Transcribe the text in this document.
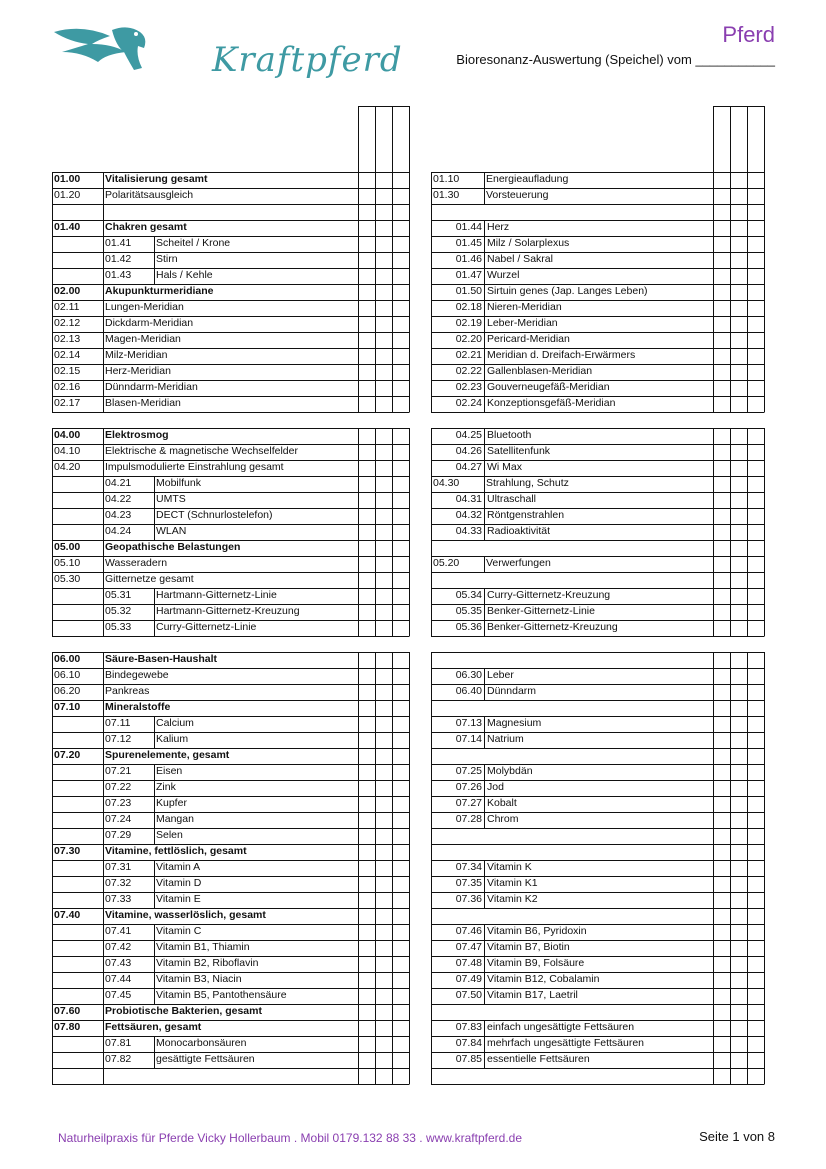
Kraftpferd
Pferd
Bioresonanz-Auswertung (Speichel) vom ___________
01.00	Vitalisierung gesamt
01.20	Polaritätsausgleich
01.40	Chakren gesamt
01.41	Scheitel / Krone
01.42	Stirn
01.43	Hals / Kehle
02.00	Akupunkturmeridiane
02.11	Lungen-Meridian
02.12	Dickdarm-Meridian
02.13	Magen-Meridian
02.14	Milz-Meridian
02.15	Herz-Meridian
02.16	Dünndarm-Meridian
02.17	Blasen-Meridian
04.00	Elektrosmog
04.10	Elektrische & magnetische Wechselfelder
04.20	Impulsmodulierte Einstrahlung gesamt
04.21	Mobilfunk
04.22	UMTS
04.23	DECT (Schnurlostelefon)
04.24	WLAN
05.00	Geopathische Belastungen
05.10	Wasseradern
05.30	Gitternetze gesamt
05.31	Hartmann-Gitternetz-Linie
05.32	Hartmann-Gitternetz-Kreuzung
05.33	Curry-Gitternetz-Linie
06.00	Säure-Basen-Haushalt
06.10	Bindegewebe
06.20	Pankreas
07.10	Mineralstoffe
07.11	Calcium
07.12	Kalium
07.20	Spurenelemente, gesamt
07.21	Eisen
07.22	Zink
07.23	Kupfer
07.24	Mangan
07.29	Selen
07.30	Vitamine, fettlöslich, gesamt
07.31	Vitamin A
07.32	Vitamin D
07.33	Vitamin E
07.40	Vitamine, wasserlöslich, gesamt
07.41	Vitamin C
07.42	Vitamin B1, Thiamin
07.43	Vitamin B2, Riboflavin
07.44	Vitamin B3, Niacin
07.45	Vitamin B5, Pantothensäure
07.60	Probiotische Bakterien, gesamt
07.80	Fettsäuren, gesamt
07.81	Monocarbonsäuren
07.82	gesättigte Fettsäuren
01.10	Energieaufladung
01.30	Vorsteuerung
01.44 Herz
01.45 Milz / Solarplexus
01.46 Nabel / Sakral
01.47 Wurzel
01.50 Sirtuin genes (Jap. Langes Leben)
02.18 Nieren-Meridian
02.19 Leber-Meridian
02.20 Pericard-Meridian
02.21 Meridian d. Dreifach-Erwärmers
02.22 Gallenblasen-Meridian
02.23 Gouverneugefäß-Meridian
02.24 Konzeptionsgefäß-Meridian
04.25 Bluetooth
04.26 Satellitenfunk
04.27 Wi Max
04.30	Strahlung, Schutz
04.31 Ultraschall
04.32 Röntgenstrahlen
04.33 Radioaktivität
05.20	Verwerfungen
05.34 Curry-Gitternetz-Kreuzung
05.35 Benker-Gitternetz-Linie
05.36 Benker-Gitternetz-Kreuzung
06.30 Leber
06.40 Dünndarm
07.13 Magnesium
07.14 Natrium
07.25 Molybdän
07.26 Jod
07.27 Kobalt
07.28 Chrom
07.34 Vitamin K
07.35 Vitamin K1
07.36 Vitamin K2
07.46 Vitamin B6, Pyridoxin
07.47 Vitamin B7, Biotin
07.48 Vitamin B9, Folsäure
07.49 Vitamin B12, Cobalamin
07.50 Vitamin B17, Laetril
07.83 einfach ungesättigte Fettsäuren
07.84 mehrfach ungesättigte Fettsäuren
07.85 essentielle Fettsäuren
Naturheilpraxis für Pferde Vicky Hollerbaum . Mobil 0179.132 88 33 . www.kraftpferd.de	Seite 1 von 8
